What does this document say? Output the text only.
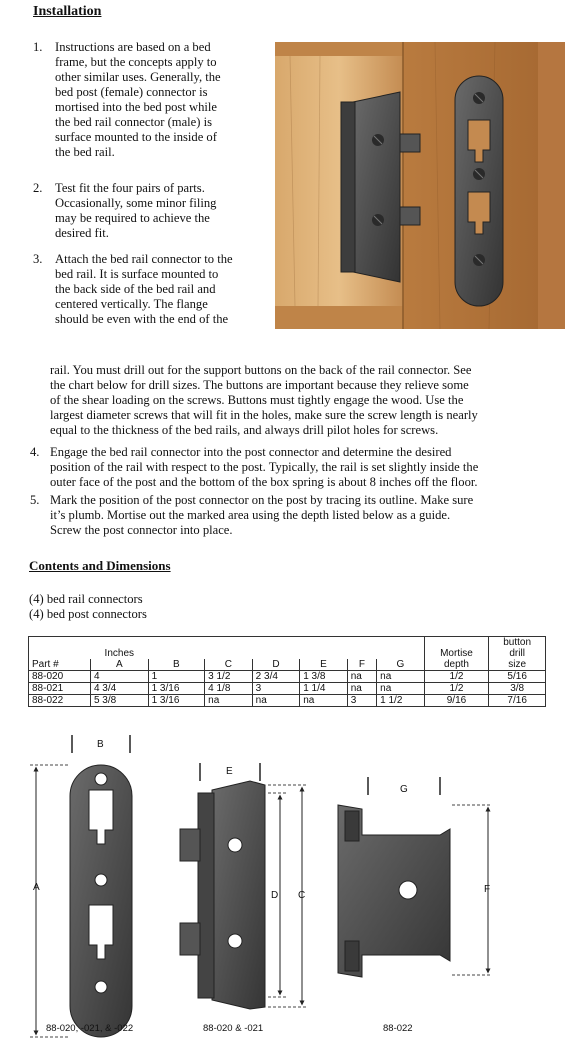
Installation
1. Instructions are based on a bed
frame, but the concepts apply to
other similar uses. Generally, the
bed post (female) connector is
mortised into the bed post while
the bed rail connector (male) is
surface mounted to the inside of
the bed rail.
2. Test fit the four pairs of parts.
Occasionally, some minor filing
may be required to achieve the
desired fit.
3. Attach the bed rail connector to the
bed rail. It is surface mounted to
the back side of the bed rail and
centered vertically. The flange
should be even with the end of the
rail. You must drill out for the support buttons on the back of the rail connector. See
the chart below for drill sizes. The buttons are important because they relieve some
of the shear loading on the screws. Buttons must tightly engage the wood. Use the
largest diameter screws that will fit in the holes, make sure the screw length is nearly
equal to the thickness of the bed rails, and always drill pilot holes for screws.
4. Engage the bed rail connector into the post connector and determine the desired
position of the rail with respect to the post. Typically, the rail is set slightly inside the
outer face of the post and the bottom of the box spring is about 8 inches off the floor.
5. Mark the position of the post connector on the post by tracing its outline. Make sure
it’s plumb. Mortise out the marked area using the depth listed below as a guide.
Screw the post connector into place.
Contents and Dimensions
(4) bed rail connectors
(4) bed post connectors
	Inches								button
								Mortise	drill
Part #	A	B	C	D	E	F	G	depth	size
88-020	4	1	3 1/2	2 3/4	1 3/8	na	na	1/2	5/16
88-021	4 3/4	1 3/16	4 1/8	3	1 1/4	na	na	1/2	3/8
88-022	5 3/8	1 3/16	na	na	na	3	1 1/2	9/16	7/16
B
A
E
D C
G
F
88-020, -021, & -022	88-020 & -021	88-022
